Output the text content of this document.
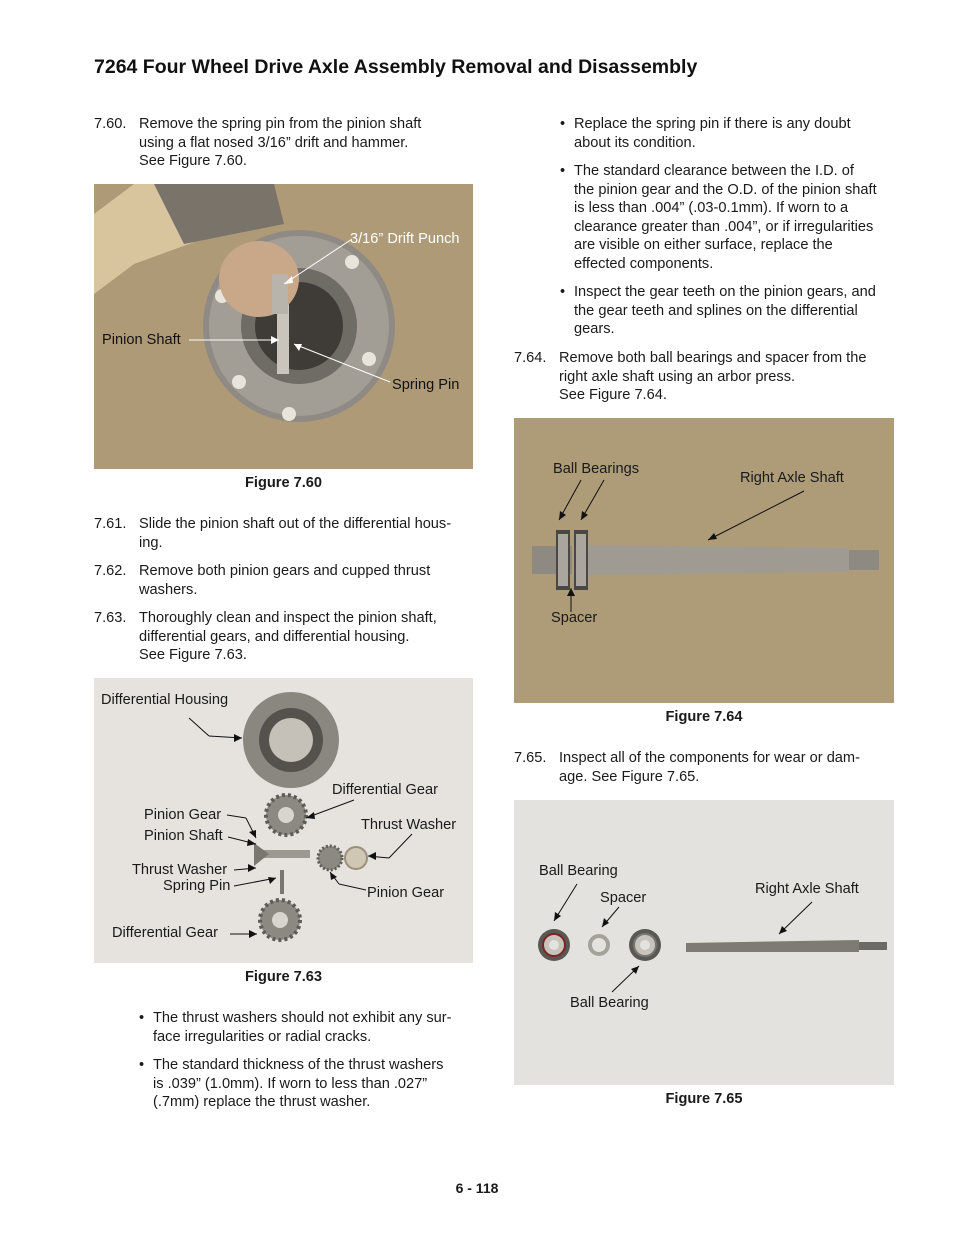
7264 Four Wheel Drive Axle Assembly Removal and Disassembly
7.60. Remove the spring pin from the pinion shaft
using a flat nosed 3/16” drift and hammer.
See Figure 7.60.
3/16” Drift Punch
Pinion Shaft
Spring Pin
Figure 7.60
7.61. Slide the pinion shaft out of the differential hous-
ing.
7.62. Remove both pinion gears and cupped thrust
washers.
7.63. Thoroughly clean and inspect the pinion shaft,
differential gears, and differential housing.
See Figure 7.63.
Differential Housing
Differential Gear
Pinion Gear
Pinion Shaft
Thrust Washer
Thrust Washer
Spring Pin	Pinion Gear
Differential Gear
Figure 7.63
• The thrust washers should not exhibit any sur-
face irregularities or radial cracks.
• The standard thickness of the thrust washers
is .039” (1.0mm). If worn to less than .027”
(.7mm) replace the thrust washer.
• Replace the spring pin if there is any doubt
about its condition.
• The standard clearance between the I.D. of
the pinion gear and the O.D. of the pinion shaft
is less than .004” (.03-0.1mm). If worn to a
clearance greater than .004”, or if irregularities
are visible on either surface, replace the
effected components.
• Inspect the gear teeth on the pinion gears, and
the gear teeth and splines on the differential
gears.
7.64. Remove both ball bearings and spacer from the
right axle shaft using an arbor press.
See Figure 7.64.
Ball Bearings
Right Axle Shaft
Spacer
Figure 7.64
7.65. Inspect all of the components for wear or dam-
age. See Figure 7.65.
Ball Bearing
Spacer
Right Axle Shaft
Ball Bearing
Figure 7.65
6 - 118
